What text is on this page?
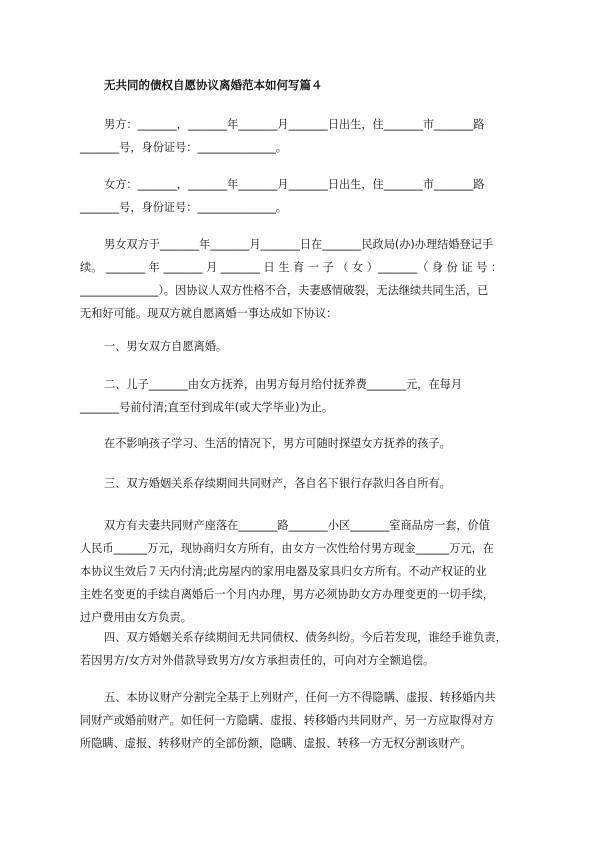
无共同的债权自愿协议离婚范本如何写篇４
男方：_______，_______年_______月_______日出生，住_______市_______路
_______号，身份证号：______________。
女方：_______，_______年_______月_______日出生，住_______市_______路
_______号，身份证号：______________。
男女双方于_______年_______月_______日在_______民政局(办)办理结婚登记手
续。 _______ 年 _______ 月 _______ 日 生 育 一 子 （ 女 ）_______（ 身 份 证 号 ：
______________）。因协议人双方性格不合，夫妻感情破裂，无法继续共同生活，已
无和好可能。现双方就自愿离婚一事达成如下协议：
一、男女双方自愿离婚。
二、儿子_______由女方抚养，由男方每月给付抚养费_______元，在每月
_______号前付清;直至付到成年(或大学毕业)为止。
在不影响孩子学习、生活的情况下，男方可随时探望女方抚养的孩子。
三、双方婚姻关系存续期间共同财产，各自名下银行存款归各自所有。
双方有夫妻共同财产座落在_______路_______小区_______室商品房一套，价值
人民币______万元，现协商归女方所有，由女方一次性给付男方现金______万元，在
本协议生效后７天内付清;此房屋内的家用电器及家具归女方所有。不动产权证的业
主姓名变更的手续自离婚后一个月内办理，男方必须协助女方办理变更的一切手续，
过户费用由女方负责。
四、双方婚姻关系存续期间无共同债权、债务纠纷。今后若发现，谁经手谁负责，
若因男方/女方对外借款导致男方/女方承担责任的，可向对方全额追偿。
五、本协议财产分割完全基于上列财产，任何一方不得隐瞒、虚报、转移婚内共
同财产或婚前财产。如任何一方隐瞒、虚报、转移婚内共同财产，另一方应取得对方
所隐瞒、虚报、转移财产的全部份额，隐瞒、虚报、转移一方无权分割该财产。
